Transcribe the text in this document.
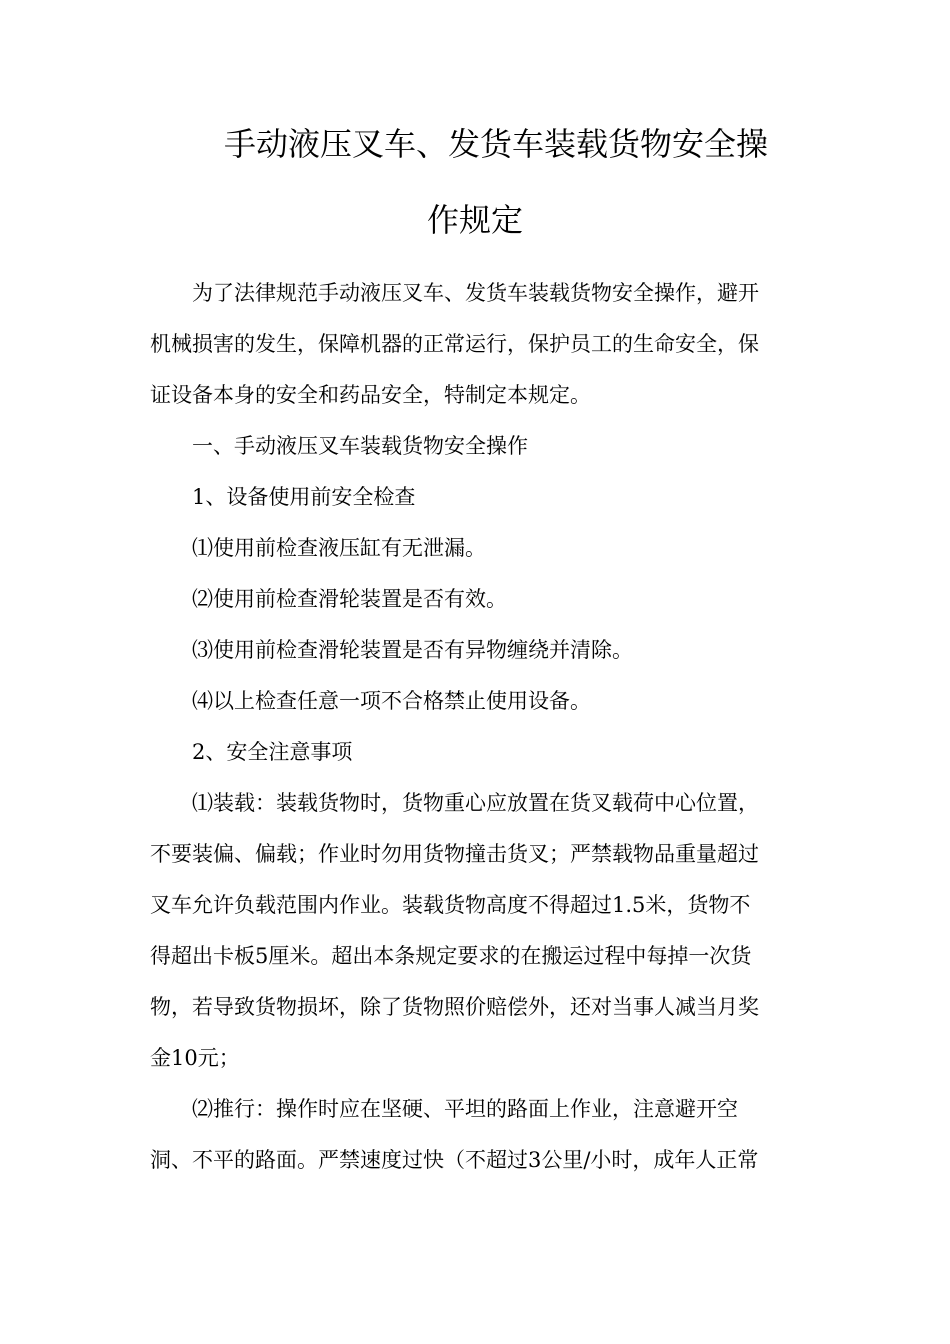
手动液压叉车、发货车装载货物安全操
作规定
为了法律规范手动液压叉车、发货车装载货物安全操作，避开
机械损害的发生，保障机器的正常运行，保护员工的生命安全，保
证设备本身的安全和药品安全，特制定本规定。
一、手动液压叉车装载货物安全操作
1、设备使用前安全检查
⑴使用前检查液压缸有无泄漏。
⑵使用前检查滑轮装置是否有效。
⑶使用前检查滑轮装置是否有异物缠绕并清除。
⑷以上检查任意一项不合格禁止使用设备。
2、安全注意事项
⑴装载：装载货物时，货物重心应放置在货叉载荷中心位置，
不要装偏、偏载；作业时勿用货物撞击货叉；严禁载物品重量超过
叉车允许负载范围内作业。装载货物高度不得超过1.5米，货物不
得超出卡板5厘米。超出本条规定要求的在搬运过程中每掉一次货
物，若导致货物损坏，除了货物照价赔偿外，还对当事人减当月奖
金10元；
⑵推行：操作时应在坚硬、平坦的路面上作业，注意避开空
洞、不平的路面。严禁速度过快（不超过3公里/小时，成年人正常
